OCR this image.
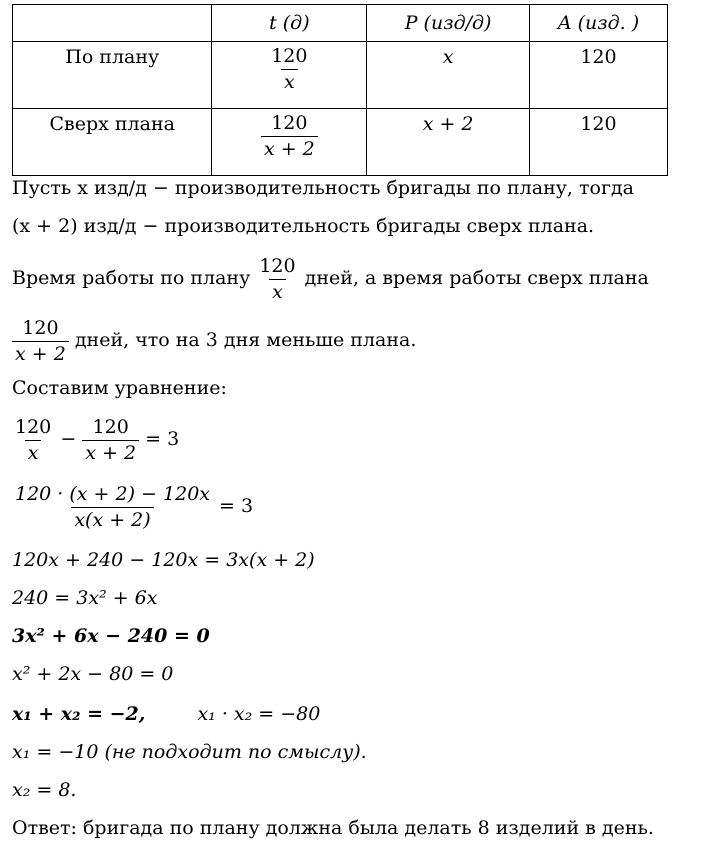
	t (д)	P (изд/д)	A (изд. )
По плану	$\frac{120}{x}$	x	120
Сверх плана	$\frac{120}{x + 2}$	x + 2	120
Пусть x изд/д − производительность бригады по плану, тогда
(x + 2) изд/д − производительность бригады сверх плана.
Время работы по плану $\frac{120}{x}$ дней, а время работы сверх плана
$\frac{120}{x + 2}$ дней, что на 3 дня меньше плана.
Составим уравнение:
$\frac{120}{x} - \frac{120}{x + 2} = 3$
$\frac{120 \cdot (x + 2) - 120x}{x(x + 2)} = 3$
120x + 240 − 120x = 3x(x + 2)
240 = 3x² + 6x
3x² + 6x − 240 = 0
x² + 2x − 80 = 0
x₁ + x₂ = −2,	x₁ · x₂ = −80
x₁ = −10 (не подходит по смыслу).
x₂ = 8.
Ответ: бригада по плану должна была делать 8 изделий в день.
